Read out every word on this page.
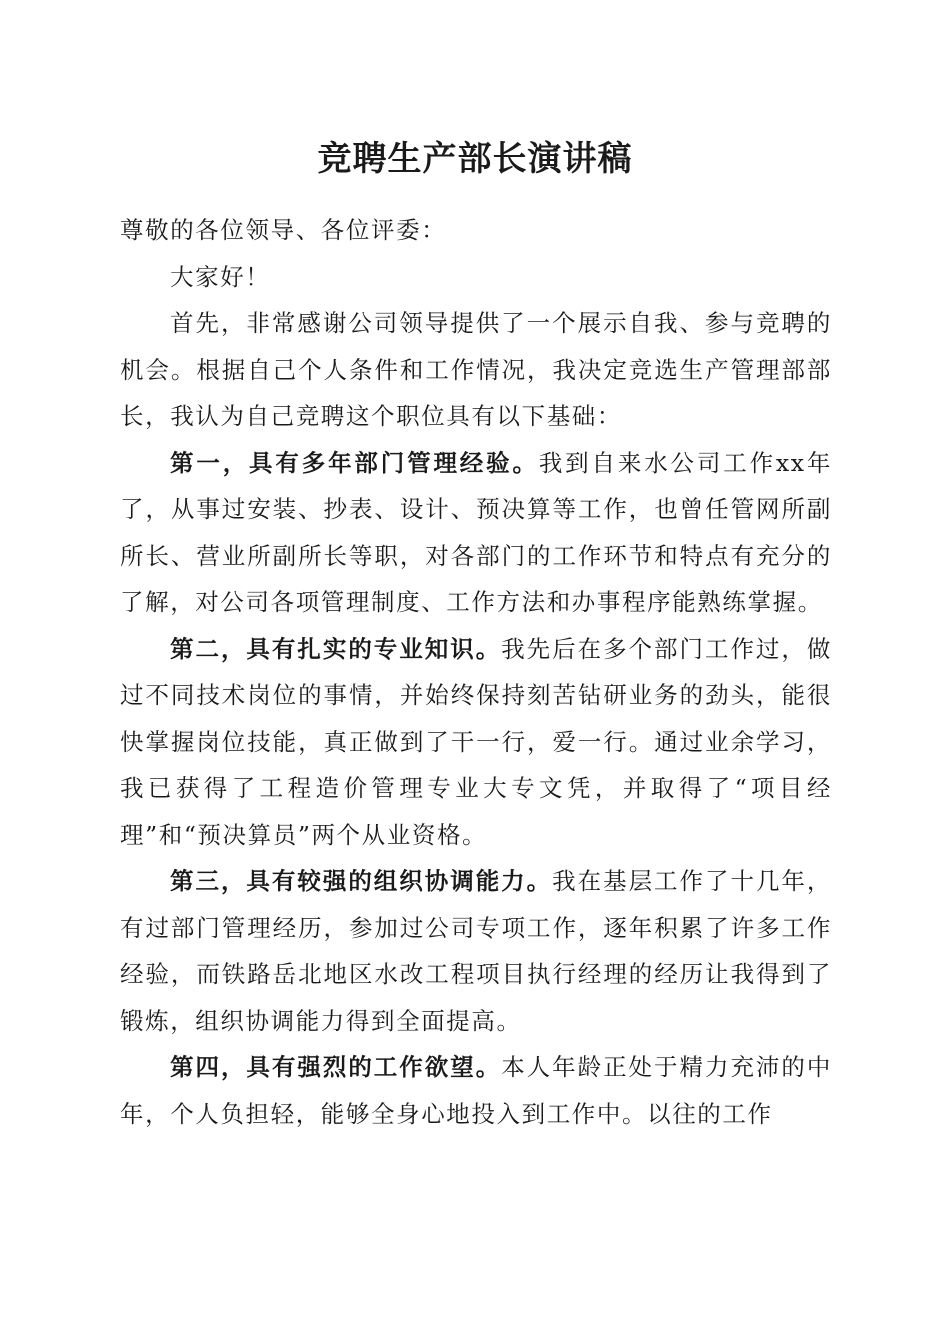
竞聘生产部长演讲稿

尊敬的各位领导、各位评委：

大家好！

首先，非常感谢公司领导提供了一个展示自我、参与竞聘的机会。根据自己个人条件和工作情况，我决定竞选生产管理部部长，我认为自己竞聘这个职位具有以下基础：

第一，具有多年部门管理经验。我到自来水公司工作xx年了，从事过安装、抄表、设计、预决算等工作，也曾任管网所副所长、营业所副所长等职，对各部门的工作环节和特点有充分的了解，对公司各项管理制度、工作方法和办事程序能熟练掌握。

第二，具有扎实的专业知识。我先后在多个部门工作过，做过不同技术岗位的事情，并始终保持刻苦钻研业务的劲头，能很快掌握岗位技能，真正做到了干一行，爱一行。通过业余学习，我已获得了工程造价管理专业大专文凭，并取得了“项目经理”和“预决算员”两个从业资格。

第三，具有较强的组织协调能力。我在基层工作了十几年，有过部门管理经历，参加过公司专项工作，逐年积累了许多工作经验，而铁路岳北地区水改工程项目执行经理的经历让我得到了锻炼，组织协调能力得到全面提高。

第四，具有强烈的工作欲望。本人年龄正处于精力充沛的中年，个人负担轻，能够全身心地投入到工作中。以往的工作
